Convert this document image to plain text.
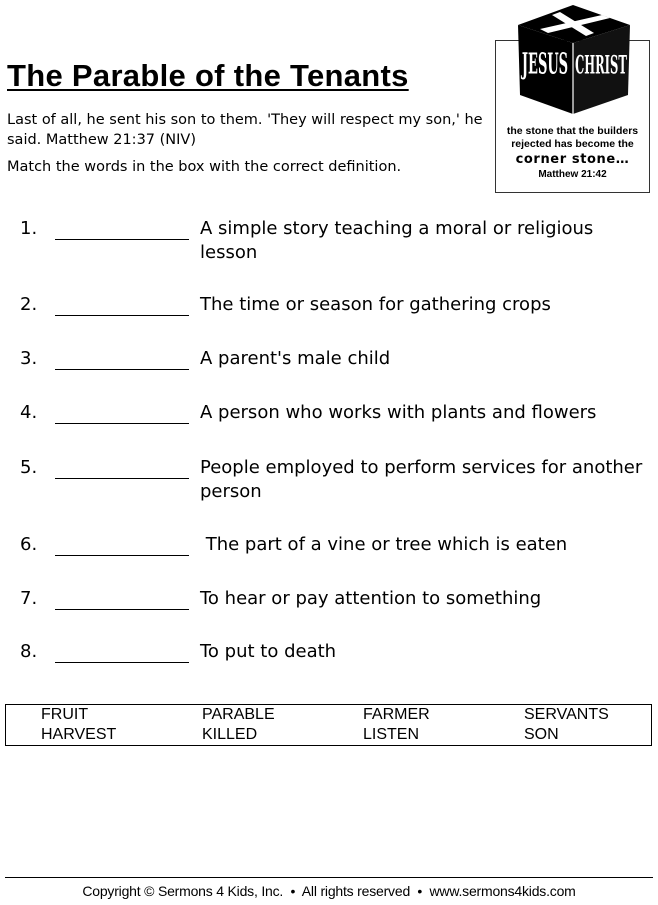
The Parable of the Tenants
Last of all, he sent his son to them. 'They will respect my son,' he said. Matthew 21:37 (NIV)
Match the words in the box with the correct definition.
JESUS CHRIST
the stone that the builders
rejected has become the
corner stone…
Matthew 21:42
1.	A simple story teaching a moral or religious lesson
2.	The time or season for gathering crops
3.	A parent's male child
4.	A person who works with plants and flowers
5.	People employed to perform services for another person
6.	The part of a vine or tree which is eaten
7.	To hear or pay attention to something
8.	To put to death
FRUIT	PARABLE	FARMER	SERVANTS
HARVEST	KILLED	LISTEN	SON
Copyright © Sermons 4 Kids, Inc.  •  All rights reserved  •  www.sermons4kids.com
